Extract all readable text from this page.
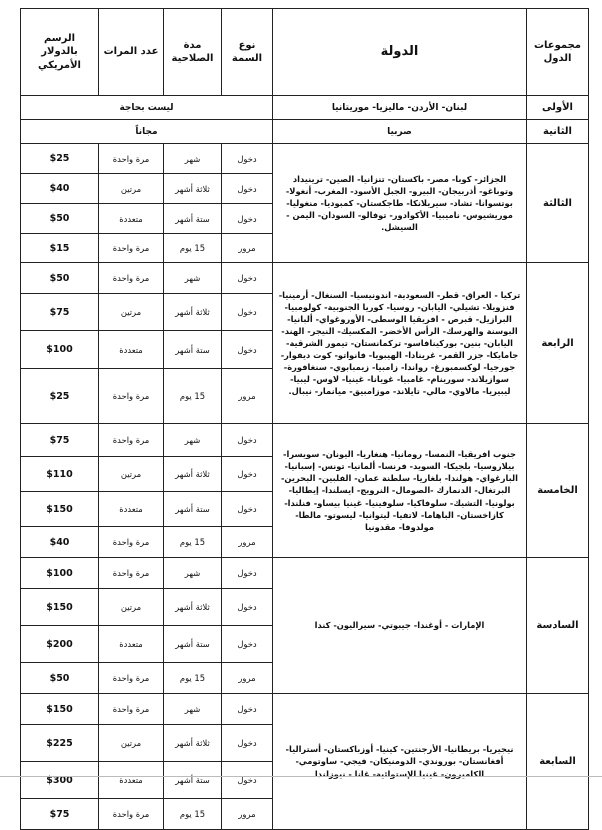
مجموعات الدول	الدولة	نوع السمة	مدة الصلاحية	عدد المرات	الرسم بالدولار الأمريكي
الأولى	لبنان- الأردن- ماليزيا- موريتانيا	ليست بحاجة			
الثانية	صربيا	مجاناً			
الثالثة	الجزائر- كوبا- مصر- باكستان- تنزانيا- الصين- ترينيداد وتوباغو- أذربيجان- البيرو- الجبل الأسود- المغرب- أنغولا- بوتسوانا- تشاد- سيريلانكا- طاجكستان- كمبوديا- منغوليا- موريشيوس- ناميبيا- الأكوادور- توفالو- السودان- اليمن - السيشل.	دخول	شهر	مرة واحدة	$25
		دخول	ثلاثة أشهر	مرتين	$40
		دخول	ستة أشهر	متعددة	$50
		مرور	15 يوم	مرة واحدة	$15
الرابعة	تركيا - العراق- قطر- السعودية- اندونيسيا- السنغال- أرمينيا- فنزويلا- تشيلي- اليابان- روسيا- كوريا الجنوبية- كولومبيا- البرازيل- قبرص - افريقيا الوسطى- الأوروغواي- ألبانيا- البوسنة والهرسك- الرأس الأخضر- المكسيك- النيجر- الهند- اليابان- بنين- بوركينافاسو- تركمانستان- تيمور الشرقية- جامايكا- جزر القمر- غرينادا- الهيبويا- فانواتو- كوت ديفوار- جورجيا- لوكسمبورغ- رواندا- زامبيا- زيمبابوي- سنغافورة- سوازيلاند- سورينام- غامبيا- غويانا- غينيا- لاوس- ليبيا- ليبيريا- مالاوي- مالي- تايلاند- موزامبيق- ميانمار- نيبال.	دخول	شهر	مرة واحدة	$50
		دخول	ثلاثة أشهر	مرتين	$75
		دخول	ستة أشهر	متعددة	$100
		مرور	15 يوم	مرة واحدة	$25
الخامسة	جنوب افريقيا- النمسا- رومانيا- هنغاريا- اليونان- سويسرا- بيلاروسيا- بلجيكا- السويد- فرنسا- ألمانيا- تونس- إسبانيا- البارغواي- هولندا- بلغاريا- سلطنة عمان- الفلبين- البحرين- البرتغال- الدنمارك -الصومال- النرويج- ايسلندا- إيطاليا- بولونيا- التشيك- سلوفاكيا- سلوفينيا- غينيا بيساو- فنلندا- كازاخستان- الباهاما- لاتفيا- ليتوانيا- ليسوتو- مالطا- مولدوفا- مقدونيا	دخول	شهر	مرة واحدة	$75
		دخول	ثلاثة أشهر	مرتين	$110
		دخول	ستة أشهر	متعددة	$150
		مرور	15 يوم	مرة واحدة	$40
السادسة	الإمارات - أوغندا- جيبوتي- سيراليون- كندا	دخول	شهر	مرة واحدة	$100
		دخول	ثلاثة أشهر	مرتين	$150
		دخول	ستة أشهر	متعددة	$200
		مرور	15 يوم	مرة واحدة	$50
السابعة	نيجيريا- بريطانيا- الأرجنتين- كينيا- أوزباكستان- أستراليا- أفغانستان- بوروندي- الدومنيكان- فيجي- ساوتومي- الكاميرون- غينيا الإستوائية- غانا - نيوزلندا	دخول	شهر	مرة واحدة	$150
		دخول	ثلاثة أشهر	مرتين	$225
		دخول	ستة أشهر	متعددة	$300
		مرور	15 يوم	مرة واحدة	$75
